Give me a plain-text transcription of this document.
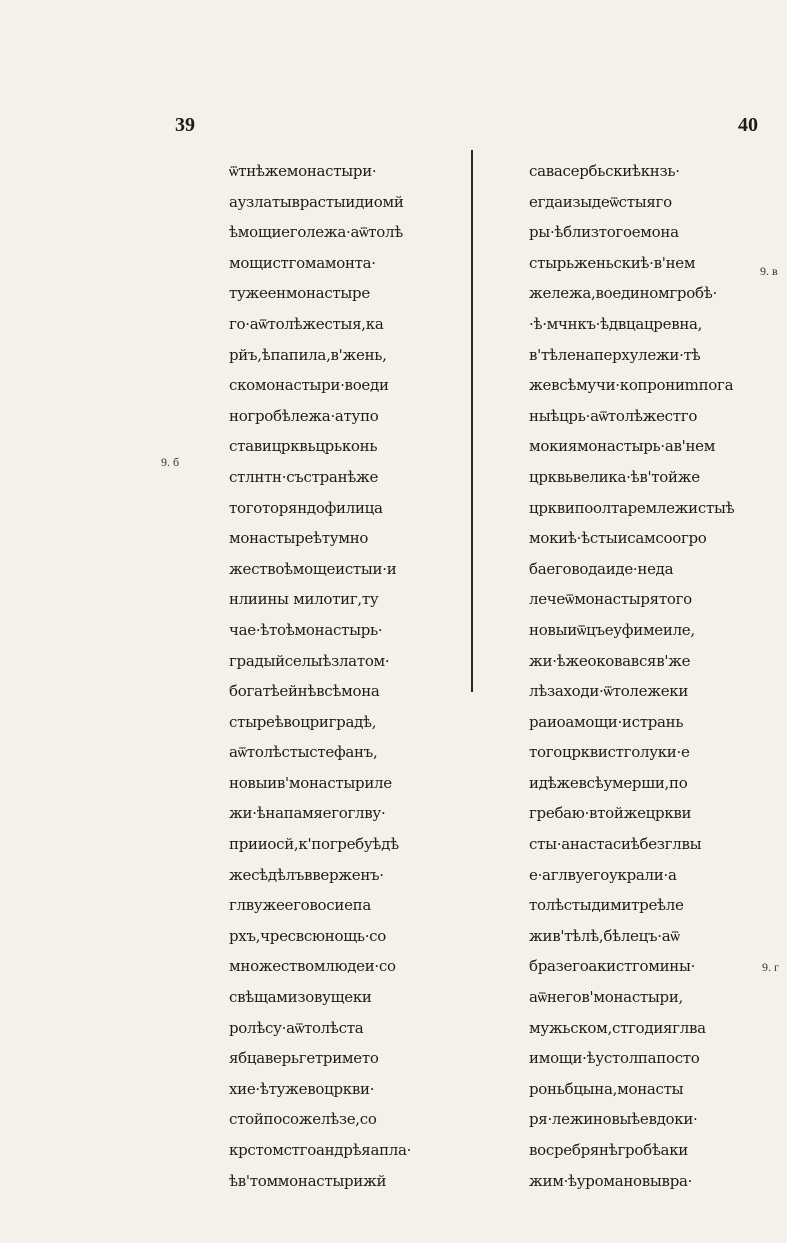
39	40
9. б
9. в
9. г
ѿтнѣжемонастыри·
аузлатыврастыидиомй
ѣмощиеголежа·аѿтолѣ
мощистгомамонта·
тужеенмонастыре
го·аѿтолѣжестыя,ка
рйъ,ѣпапила,в'жень,
скомонастыри·воеди
ногробѣлежа·атупо
ставицрквьцрьконь
стлнтн·състранѣже
тоготоряндофилица
монастыреѣтумно
жествоѣмощеистыи·и
нлиины милотиг,ту
чае·ѣтоѣмонастырь·
градыйселыѣзлатом·
богатѣейнѣвсѣмона
стыреѣвоцриградѣ,
аѿтолѣстыстефанъ,
новыив'монастырилe
жи·ѣнапамяегоглву·
прииосй,к'погребуѣдѣ
жесѣдѣлъвверженъ·
глвужееговосиепа
рхъ,чресвсюнощь·со
множествомлюдеи·со
свѣщамизовущеки
ролѣсу·аѿтолѣста
ябцаверьгетримето
хие·ѣтужевоцркви·
стойпосожелѣзе,со
крстомстгоандрѣяапла·
ѣв'томмонастырижй
савасербьскиѣкнзь·
егдаизыдеѿстыяго
ры·ѣблизтогоемона
стырьженьскиѣ·в'нем
жележа,воединомгробѣ·
·ѣ·мчнкъ·ѣдвцацревна,
в'тѣленаперхулежи·тѣ
жевсѣмучи·копрониmпога
ныѣцрь·аѿтолѣжестго
мокиямонастырь·ав'нем
црквьвелика·ѣв'тойже
црквипоолтаремлежистыѣ
мокиѣ·ѣстыисамсоогро
баеговодаиде·неда
лечеѿмонастырятого
новыиѿцъеуфимеиле,
жи·ѣжеоковавсяв'же
лѣзаходи·ѿтолежеки
раиоамощи·истрань
тогоцрквистголуки·е
идѣжевсѣумерши,по
гребаю·втойжецркви
сты·анастасиѣбезглвы
е·аглвуегоукрали·а
толѣстыдимитреѣле
жив'тѣлѣ,бѣлецъ·аѿ
бразегоакистгомины·
аѿнегов'монастыри,
мужьском,стгодияглва
имощи·ѣустолпапосто
роньбцына,монасты
ря·лежиновыѣевдоки·
восребрянѣгробѣаки
жим·ѣуромановыврa·
